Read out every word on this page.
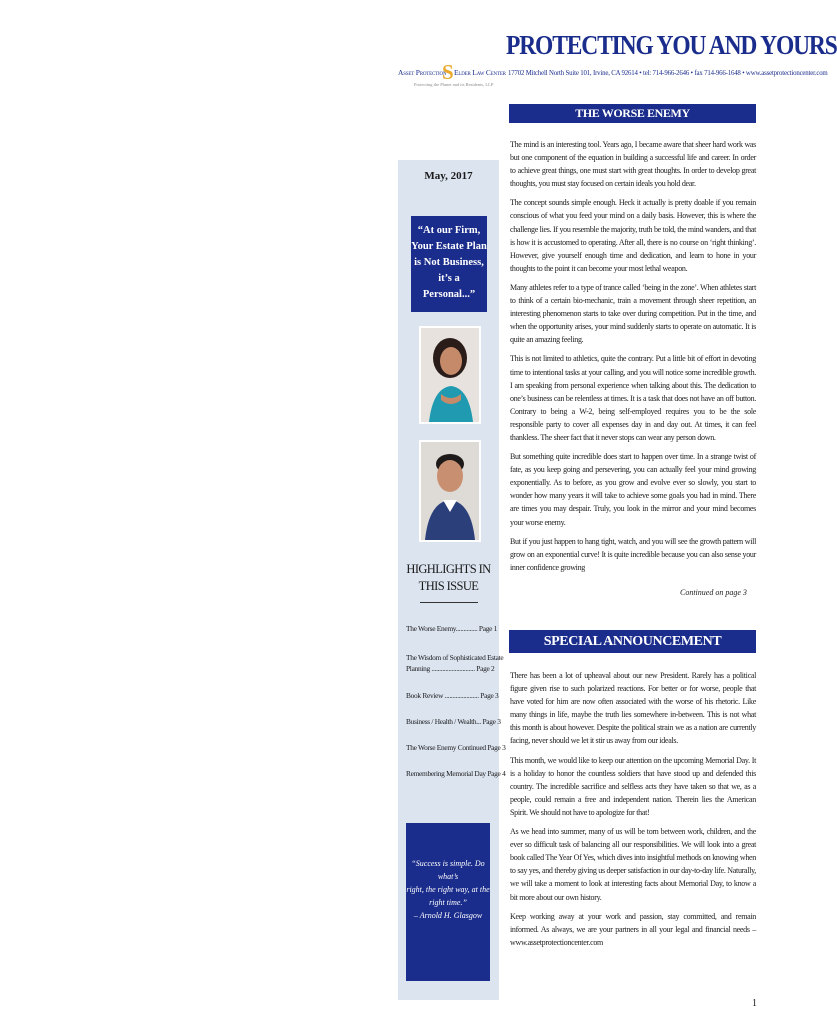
PROTECTING YOU AND YOURS
Asset Protection
S Elder Law Center
Protecting the Planet and its Residents, LLP
17702 Mitchell North Suite 101, Irvine, CA 92614 • tel: 714-966-2646 • fax 714-966-1648 • www.assetprotectioncenter.com
May, 2017
“At our Firm, Your Estate Plan is Not Business, it’s a Personal...”
HIGHLIGHTS IN THIS ISSUE
The Worse Enemy.............. Page 1
The Wisdom of Sophisticated Estate
Planning ............................ Page 2
Book Review ...................... Page 3
Business / Health / Wealth... Page 3
The Worse Enemy Continued Page 3
Remembering Memorial Day Page 4
“Success is simple. Do what’s
right, the right way, at the
right time.”
– Arnold H. Glasgow
THE WORSE ENEMY

The mind is an interesting tool. Years ago, I became aware that sheer hard work was but one component of the equation in building a successful life and career. In order to achieve great things, one must start with great thoughts. In order to develop great thoughts, you must stay focused on certain ideals you hold dear.

The concept sounds simple enough. Heck it actually is pretty doable if you remain conscious of what you feed your mind on a daily basis. However, this is where the challenge lies. If you resemble the majority, truth be told, the mind wanders, and that is how it is accustomed to operating. After all, there is no course on ‘right thinking’. However, give yourself enough time and dedication, and learn to hone in your thoughts to the point it can become your most lethal weapon.

Many athletes refer to a type of trance called ‘being in the zone’. When athletes start to think of a certain bio-mechanic, train a movement through sheer repetition, an interesting phenomenon starts to take over during competition. Put in the time, and when the opportunity arises, your mind suddenly starts to operate on automatic. It is quite an amazing feeling.

This is not limited to athletics, quite the contrary. Put a little bit of effort in devoting time to intentional tasks at your calling, and you will notice some incredible growth. I am speaking from personal experience when talking about this. The dedication to one’s business can be relentless at times. It is a task that does not have an off button. Contrary to being a W-2, being self-employed requires you to be the sole responsible party to cover all expenses day in and day out. At times, it can feel thankless. The sheer fact that it never stops can wear any person down.

But something quite incredible does start to happen over time. In a strange twist of fate, as you keep going and persevering, you can actually feel your mind growing exponentially. As to before, as you grow and evolve ever so slowly, you start to wonder how many years it will take to achieve some goals you had in mind. There are times you may despair. Truly, you look in the mirror and your mind becomes your worse enemy.

But if you just happen to hang tight, watch, and you will see the growth pattern will grow on an exponential curve! It is quite incredible because you can also sense your inner confidence growing

Continued on page 3
SPECIAL ANNOUNCEMENT

There has been a lot of upheaval about our new President. Rarely has a political figure given rise to such polarized reactions. For better or for worse, people that have voted for him are now often associated with the worse of his rhetoric. Like many things in life, maybe the truth lies somewhere in-between. This is not what this month is about however. Despite the political strain we as a nation are currently facing, never should we let it stir us away from our ideals.

This month, we would like to keep our attention on the upcoming Memorial Day. It is a holiday to honor the countless soldiers that have stood up and defended this country. The incredible sacrifice and selfless acts they have taken so that we, as a people, could remain a free and independent nation. Therein lies the American Spirit. We should not have to apologize for that!

As we head into summer, many of us will be torn between work, children, and the ever so difficult task of balancing all our responsibilities. We will look into a great book called The Year Of Yes, which dives into insightful methods on knowing when to say yes, and thereby giving us deeper satisfaction in our day-to-day life. Naturally, we will take a moment to look at interesting facts about Memorial Day, to know a bit more about our own history.

Keep working away at your work and passion, stay committed, and remain informed. As always, we are your partners in all your legal and financial needs – www.assetprotectioncenter.com

1
